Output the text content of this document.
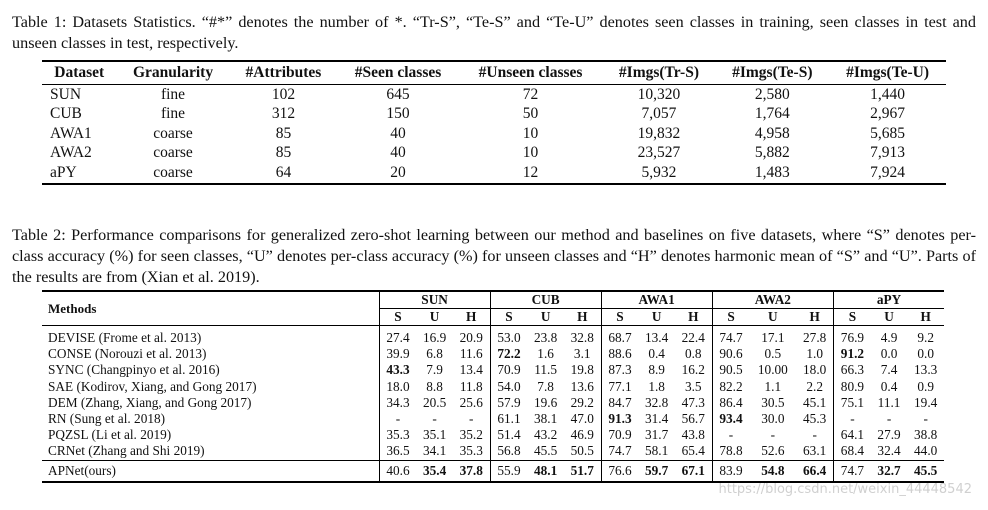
Table 1: Datasets Statistics. “#*” denotes the number of *. “Tr-S”, “Te-S” and “Te-U” denotes seen classes in training, seen classes in test and unseen classes in test, respectively.
Dataset	Granularity	#Attributes	#Seen classes	#Unseen classes	#Imgs(Tr-S)	#Imgs(Te-S)	#Imgs(Te-U)
SUN	fine	102	645	72	10,320	2,580	1,440
CUB	fine	312	150	50	7,057	1,764	2,967
AWA1	coarse	85	40	10	19,832	4,958	5,685
AWA2	coarse	85	40	10	23,527	5,882	7,913
aPY	coarse	64	20	12	5,932	1,483	7,924
Table 2: Performance comparisons for generalized zero-shot learning between our method and baselines on five datasets, where “S” denotes per-class accuracy (%) for seen classes, “U” denotes per-class accuracy (%) for unseen classes and “H” denotes harmonic mean of “S” and “U”. Parts of the results are from (Xian et al. 2019).
Methods	SUN			CUB			AWA1			AWA2			aPY		
	S	U	H	S	U	H	S	U	H	S	U	H	S	U	H
DEVISE (Frome et al. 2013)	27.4	16.9	20.9	53.0	23.8	32.8	68.7	13.4	22.4	74.7	17.1	27.8	76.9	4.9	9.2
CONSE (Norouzi et al. 2013)	39.9	6.8	11.6	72.2	1.6	3.1	88.6	0.4	0.8	90.6	0.5	1.0	91.2	0.0	0.0
SYNC (Changpinyo et al. 2016)	43.3	7.9	13.4	70.9	11.5	19.8	87.3	8.9	16.2	90.5	10.00	18.0	66.3	7.4	13.3
SAE (Kodirov, Xiang, and Gong 2017)	18.0	8.8	11.8	54.0	7.8	13.6	77.1	1.8	3.5	82.2	1.1	2.2	80.9	0.4	0.9
DEM (Zhang, Xiang, and Gong 2017)	34.3	20.5	25.6	57.9	19.6	29.2	84.7	32.8	47.3	86.4	30.5	45.1	75.1	11.1	19.4
RN (Sung et al. 2018)	-	-	-	61.1	38.1	47.0	91.3	31.4	56.7	93.4	30.0	45.3	-	-	-
PQZSL (Li et al. 2019)	35.3	35.1	35.2	51.4	43.2	46.9	70.9	31.7	43.8	-	-	-	64.1	27.9	38.8
CRNet (Zhang and Shi 2019)	36.5	34.1	35.3	56.8	45.5	50.5	74.7	58.1	65.4	78.8	52.6	63.1	68.4	32.4	44.0
APNet(ours)	40.6	35.4	37.8	55.9	48.1	51.7	76.6	59.7	67.1	83.9	54.8	66.4	74.7	32.7	45.5
https://blog.csdn.net/weixin_44448542
